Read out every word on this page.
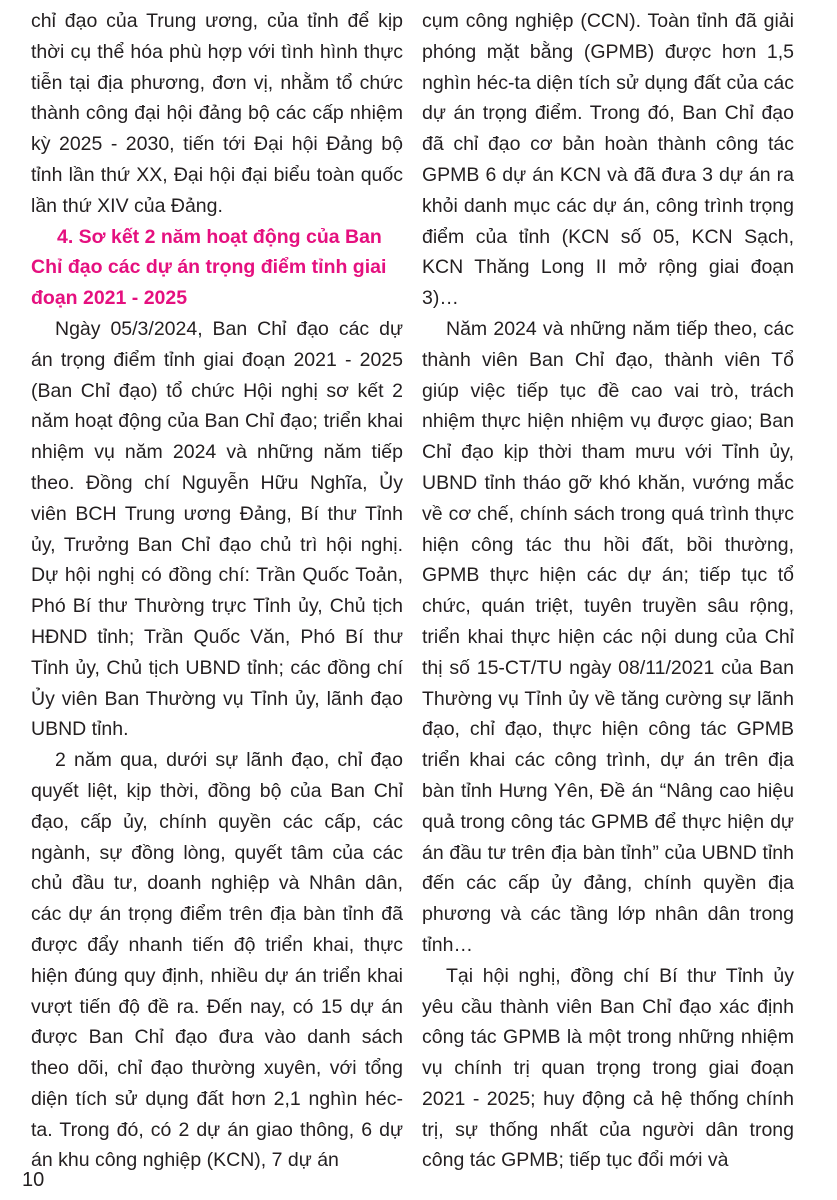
chỉ đạo của Trung ương, của tỉnh để kịp thời cụ thể hóa phù hợp với tình hình thực tiễn tại địa phương, đơn vị, nhằm tổ chức thành công đại hội đảng bộ các cấp nhiệm kỳ 2025 - 2030, tiến tới Đại hội Đảng bộ tỉnh lần thứ XX, Đại hội đại biểu toàn quốc lần thứ XIV của Đảng.

4. Sơ kết 2 năm hoạt động của Ban Chỉ đạo các dự án trọng điểm tỉnh giai đoạn 2021 - 2025

Ngày 05/3/2024, Ban Chỉ đạo các dự án trọng điểm tỉnh giai đoạn 2021 - 2025 (Ban Chỉ đạo) tổ chức Hội nghị sơ kết 2 năm hoạt động của Ban Chỉ đạo; triển khai nhiệm vụ năm 2024 và những năm tiếp theo. Đồng chí Nguyễn Hữu Nghĩa, Ủy viên BCH Trung ương Đảng, Bí thư Tỉnh ủy, Trưởng Ban Chỉ đạo chủ trì hội nghị. Dự hội nghị có đồng chí: Trần Quốc Toản, Phó Bí thư Thường trực Tỉnh ủy, Chủ tịch HĐND tỉnh; Trần Quốc Văn, Phó Bí thư Tỉnh ủy, Chủ tịch UBND tỉnh; các đồng chí Ủy viên Ban Thường vụ Tỉnh ủy, lãnh đạo UBND tỉnh.

2 năm qua, dưới sự lãnh đạo, chỉ đạo quyết liệt, kịp thời, đồng bộ của Ban Chỉ đạo, cấp ủy, chính quyền các cấp, các ngành, sự đồng lòng, quyết tâm của các chủ đầu tư, doanh nghiệp và Nhân dân, các dự án trọng điểm trên địa bàn tỉnh đã được đẩy nhanh tiến độ triển khai, thực hiện đúng quy định, nhiều dự án triển khai vượt tiến độ đề ra. Đến nay, có 15 dự án được Ban Chỉ đạo đưa vào danh sách theo dõi, chỉ đạo thường xuyên, với tổng diện tích sử dụng đất hơn 2,1 nghìn héc-ta. Trong đó, có 2 dự án giao thông, 6 dự án khu công nghiệp (KCN), 7 dự án

cụm công nghiệp (CCN). Toàn tỉnh đã giải phóng mặt bằng (GPMB) được hơn 1,5 nghìn héc-ta diện tích sử dụng đất của các dự án trọng điểm. Trong đó, Ban Chỉ đạo đã chỉ đạo cơ bản hoàn thành công tác GPMB 6 dự án KCN và đã đưa 3 dự án ra khỏi danh mục các dự án, công trình trọng điểm của tỉnh (KCN số 05, KCN Sạch, KCN Thăng Long II mở rộng giai đoạn 3)…

Năm 2024 và những năm tiếp theo, các thành viên Ban Chỉ đạo, thành viên Tổ giúp việc tiếp tục đề cao vai trò, trách nhiệm thực hiện nhiệm vụ được giao; Ban Chỉ đạo kịp thời tham mưu với Tỉnh ủy, UBND tỉnh tháo gỡ khó khăn, vướng mắc về cơ chế, chính sách trong quá trình thực hiện công tác thu hồi đất, bồi thường, GPMB thực hiện các dự án; tiếp tục tổ chức, quán triệt, tuyên truyền sâu rộng, triển khai thực hiện các nội dung của Chỉ thị số 15-CT/TU ngày 08/11/2021 của Ban Thường vụ Tỉnh ủy về tăng cường sự lãnh đạo, chỉ đạo, thực hiện công tác GPMB triển khai các công trình, dự án trên địa bàn tỉnh Hưng Yên, Đề án “Nâng cao hiệu quả trong công tác GPMB để thực hiện dự án đầu tư trên địa bàn tỉnh” của UBND tỉnh đến các cấp ủy đảng, chính quyền địa phương và các tầng lớp nhân dân trong tỉnh…

Tại hội nghị, đồng chí Bí thư Tỉnh ủy yêu cầu thành viên Ban Chỉ đạo xác định công tác GPMB là một trong những nhiệm vụ chính trị quan trọng trong giai đoạn 2021 - 2025; huy động cả hệ thống chính trị, sự thống nhất của người dân trong công tác GPMB; tiếp tục đổi mới và

10
